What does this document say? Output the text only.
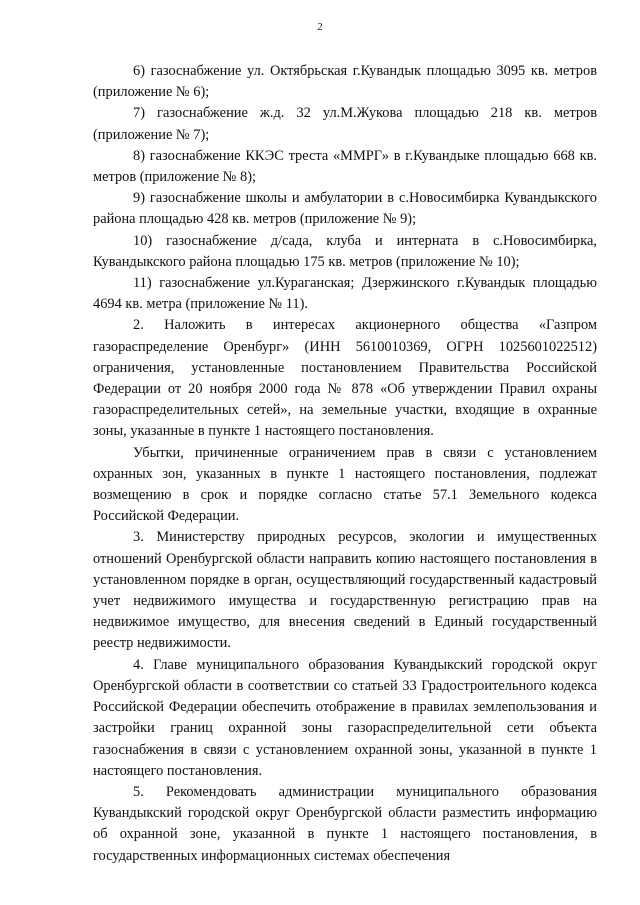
2

6) газоснабжение ул. Октябрьская г.Кувандык площадью 3095 кв. метров (приложение № 6);

7) газоснабжение ж.д. 32 ул.М.Жукова площадью 218 кв. метров (приложение № 7);

8) газоснабжение ККЭС треста «ММРГ» в г.Кувандыке площадью 668 кв. метров (приложение № 8);

9) газоснабжение школы и амбулатории в с.Новосимбирка Кувандыкского района площадью 428 кв. метров (приложение № 9);

10) газоснабжение д/сада, клуба и интерната в с.Новосимбирка, Кувандыкского района площадью 175 кв. метров (приложение № 10);

11) газоснабжение ул.Кураганская; Дзержинского г.Кувандык площадью 4694 кв. метра (приложение № 11).

2. Наложить в интересах акционерного общества «Газпром газораспределение Оренбург» (ИНН 5610010369, ОГРН 1025601022512) ограничения, установленные постановлением Правительства Российской Федерации от 20 ноября 2000 года № 878 «Об утверждении Правил охраны газораспределительных сетей», на земельные участки, входящие в охранные зоны, указанные в пункте 1 настоящего постановления.

Убытки, причиненные ограничением прав в связи с установлением охранных зон, указанных в пункте 1 настоящего постановления, подлежат возмещению в срок и порядке согласно статье 57.1 Земельного кодекса Российской Федерации.

3. Министерству природных ресурсов, экологии и имущественных отношений Оренбургской области направить копию настоящего постановления в установленном порядке в орган, осуществляющий государственный кадастровый учет недвижимого имущества и государственную регистрацию прав на недвижимое имущество, для внесения сведений в Единый государственный реестр недвижимости.

4. Главе муниципального образования Кувандыкский городской округ Оренбургской области в соответствии со статьей 33 Градостроительного кодекса Российской Федерации обеспечить отображение в правилах землепользования и застройки границ охранной зоны газораспределительной сети объекта газоснабжения в связи с установлением охранной зоны, указанной в пункте 1 настоящего постановления.

5. Рекомендовать администрации муниципального образования Кувандыкский городской округ Оренбургской области разместить информацию об охранной зоне, указанной в пункте 1 настоящего постановления, в государственных информационных системах обеспечения
